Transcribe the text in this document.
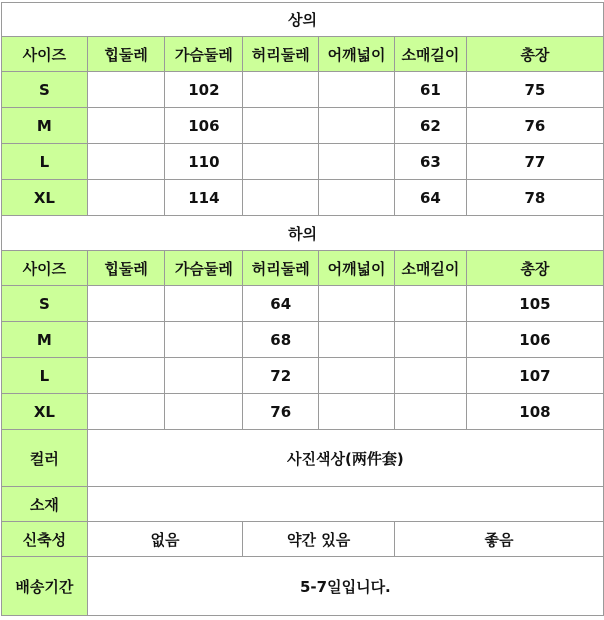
상의						
사이즈	힙둘레	가슴둘레	허리둘레	어깨넓이	소매길이	총장
S		102			61	75
M		106			62	76
L		110			63	77
XL		114			64	78
하의						
사이즈	힙둘레	가슴둘레	허리둘레	어깨넓이	소매길이	총장
S			64			105
M			68			106
L			72			107
XL			76			108
컬러	사진색상(两件套)					
소재						
신축성	없음		약간 있음		좋음	
배송기간	5-7일입니다.					
